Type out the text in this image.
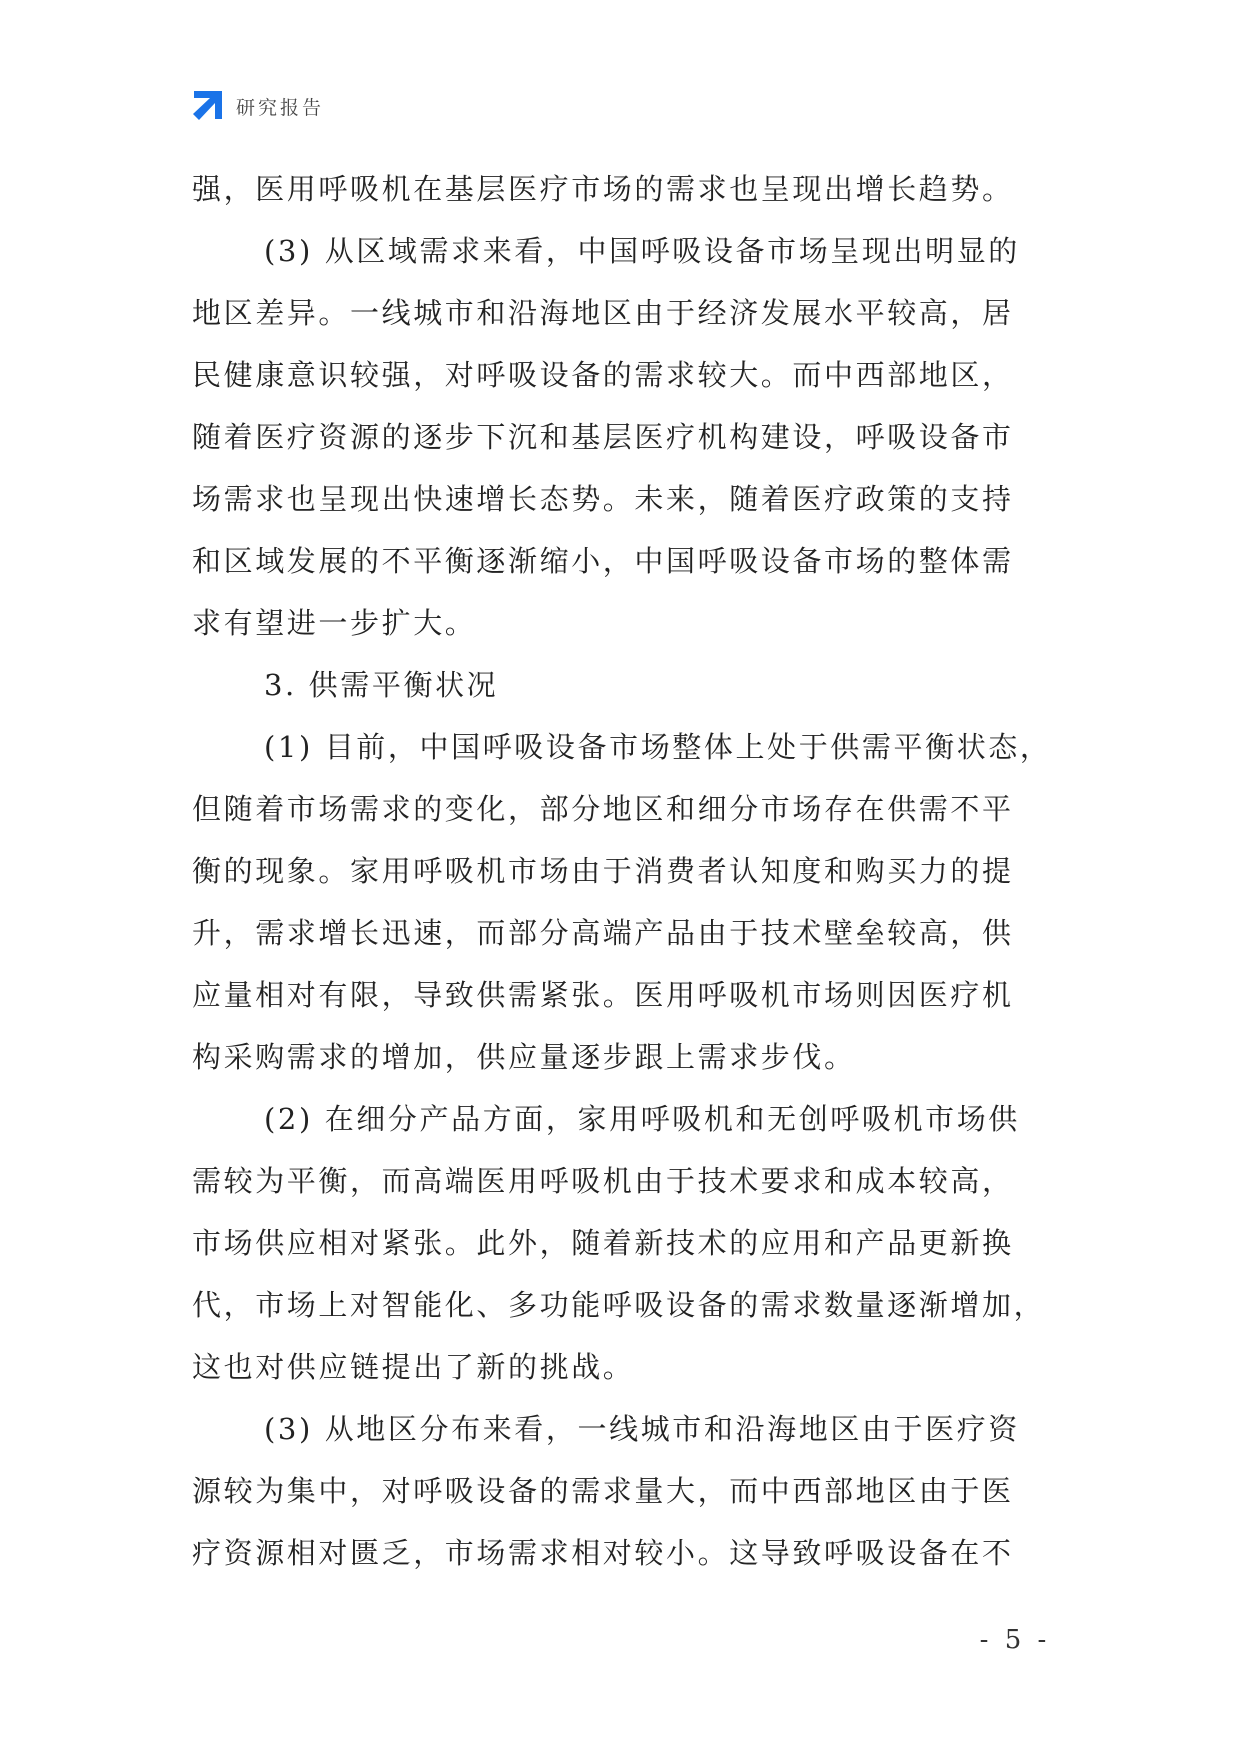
研究报告
强，医用呼吸机在基层医疗市场的需求也呈现出增长趋势。
(3) 从区域需求来看，中国呼吸设备市场呈现出明显的
地区差异。一线城市和沿海地区由于经济发展水平较高，居
民健康意识较强，对呼吸设备的需求较大。而中西部地区，
随着医疗资源的逐步下沉和基层医疗机构建设，呼吸设备市
场需求也呈现出快速增长态势。未来，随着医疗政策的支持
和区域发展的不平衡逐渐缩小，中国呼吸设备市场的整体需
求有望进一步扩大。
3. 供需平衡状况
(1) 目前，中国呼吸设备市场整体上处于供需平衡状态，
但随着市场需求的变化，部分地区和细分市场存在供需不平
衡的现象。家用呼吸机市场由于消费者认知度和购买力的提
升，需求增长迅速，而部分高端产品由于技术壁垒较高，供
应量相对有限，导致供需紧张。医用呼吸机市场则因医疗机
构采购需求的增加，供应量逐步跟上需求步伐。
(2) 在细分产品方面，家用呼吸机和无创呼吸机市场供
需较为平衡，而高端医用呼吸机由于技术要求和成本较高，
市场供应相对紧张。此外，随着新技术的应用和产品更新换
代，市场上对智能化、多功能呼吸设备的需求数量逐渐增加，
这也对供应链提出了新的挑战。
(3) 从地区分布来看，一线城市和沿海地区由于医疗资
源较为集中，对呼吸设备的需求量大，而中西部地区由于医
疗资源相对匮乏，市场需求相对较小。这导致呼吸设备在不
- 5 -
